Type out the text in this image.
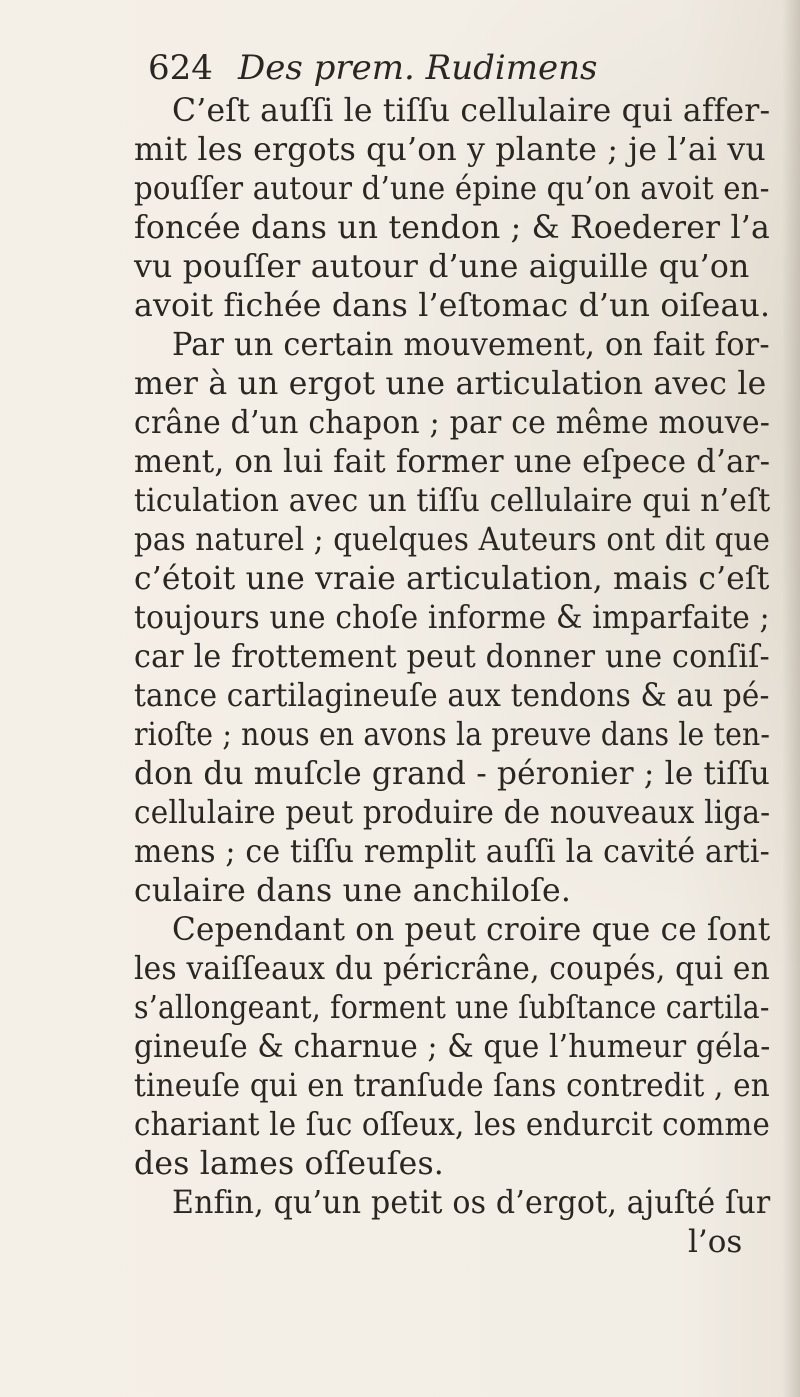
624 Des prem. Rudimens
C’eſt auſſi le tiſſu cellulaire qui affer-
mit les ergots qu’on y plante ; je l’ai vu
pouſſer autour d’une épine qu’on avoit en-
foncée dans un tendon ; & Roederer l’a
vu pouſſer autour d’une aiguille qu’on
avoit fichée dans l’eſtomac d’un oiſeau.
Par un certain mouvement, on fait for-
mer à un ergot une articulation avec le
crâne d’un chapon ; par ce même mouve-
ment, on lui fait former une eſpece d’ar-
ticulation avec un tiſſu cellulaire qui n’eſt
pas naturel ; quelques Auteurs ont dit que
c’étoit une vraie articulation, mais c’eſt
toujours une choſe informe & imparfaite ;
car le frottement peut donner une conſiſ-
tance cartilagineuſe aux tendons & au pé-
rioſte ; nous en avons la preuve dans le ten-
don du muſcle grand - péronier ; le tiſſu
cellulaire peut produire de nouveaux liga-
mens ; ce tiſſu remplit auſſi la cavité arti-
culaire dans une anchiloſe.
Cependant on peut croire que ce ſont
les vaiſſeaux du péricrâne, coupés, qui en
s’allongeant, forment une ſubſtance cartila-
gineuſe & charnue ; & que l’humeur géla-
tineuſe qui en tranſude ſans contredit , en
chariant le ſuc oſſeux, les endurcit comme
des lames oſſeuſes.
Enfin, qu’un petit os d’ergot, ajuſté ſur
l’os
